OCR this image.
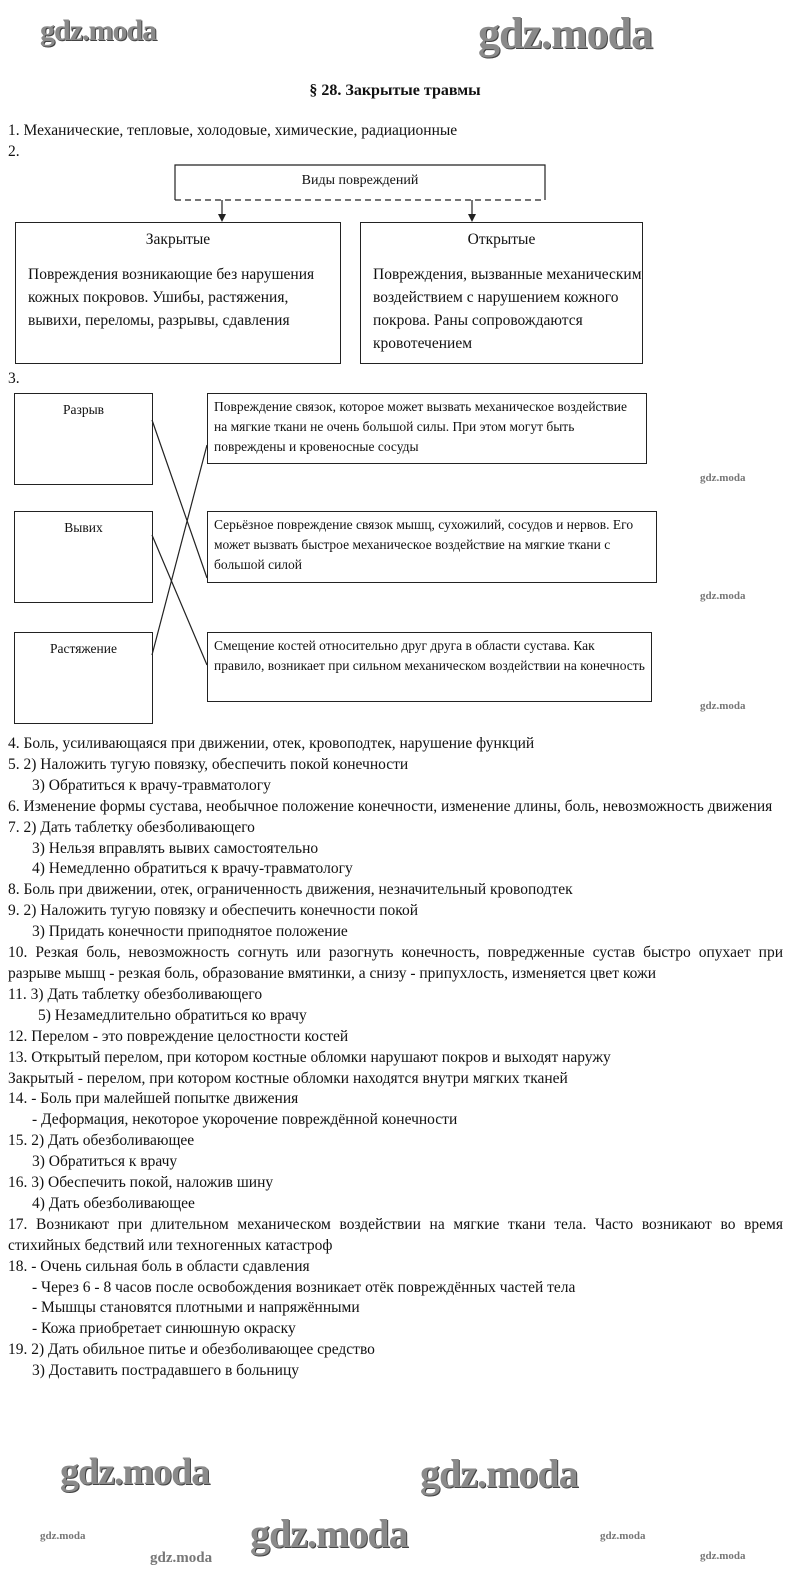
§ 28. Закрытые травмы
1. Механические, тепловые, холодовые, химические, радиационные
2.
Виды повреждений
Закрытые
Повреждения возникающие без нарушения кожных покровов. Ушибы, растяжения, вывихи, переломы, разрывы, сдавления
Открытые
Повреждения, вызванные механическим воздействием с нарушением кожного покрова. Раны сопровождаются кровотечением
3.
Разрыв
Вывих
Растяжение
Повреждение связок, которое может вызвать механическое воздействие на мягкие ткани не очень большой силы. При этом могут быть повреждены и кровеносные сосуды
Серьёзное повреждение связок мышц, сухожилий, сосудов и нервов. Его может вызвать быстрое механическое воздействие на мягкие ткани с большой силой
Смещение костей относительно друг друга в области сустава. Как правило, возникает при сильном механическом воздействии на конечность

4. Боль, усиливающаяся при движении, отек, кровоподтек, нарушение функций

5. 2) Наложить тугую повязку, обеспечить покой конечности

3) Обратиться к врачу-травматологу

6. Изменение формы сустава, необычное положение конечности, изменение длины, боль, невозможность движения

7. 2) Дать таблетку обезболивающего

3) Нельзя вправлять вывих самостоятельно

4) Немедленно обратиться к врачу-травматологу

8. Боль при движении, отек, ограниченность движения, незначительный кровоподтек

9. 2) Наложить тугую повязку и обеспечить конечности покой

3) Придать конечности приподнятое положение

10. Резкая боль, невозможность согнуть или разогнуть конечность, повредженные сустав быстро опухает при разрыве мышц - резкая боль, образование вмятинки, а снизу - припухлость, изменяется цвет кожи

11. 3) Дать таблетку обезболивающего

5) Незамедлительно обратиться ко врачу

12. Перелом - это повреждение целостности костей

13. Открытый перелом, при котором костные обломки нарушают покров и выходят наружу

Закрытый - перелом, при котором костные обломки находятся внутри мягких тканей

14. - Боль при малейшей попытке движения

- Деформация, некоторое укорочение повреждённой конечности

15. 2) Дать обезболивающее

3) Обратиться к врачу

16. 3) Обеспечить покой, наложив шину

4) Дать обезболивающее

17. Возникают при длительном механическом воздействии на мягкие ткани тела. Часто возникают во время стихийных бедствий или техногенных катастроф

18. - Очень сильная боль в области сдавления

- Через 6 - 8 часов после освобождения возникает отёк повреждённых частей тела

- Мышцы становятся плотными и напряжёнными

- Кожа приобретает синюшную окраску

19. 2) Дать обильное питье и обезболивающее средство

3) Доставить пострадавшего в больницу

gdz.moda	gdz.moda
gdz.moda	gdz.moda
gdz.moda
gdz.moda
gdz.moda
gdz.moda
gdz.moda	gdz.moda
gdz.moda	gdz.moda
